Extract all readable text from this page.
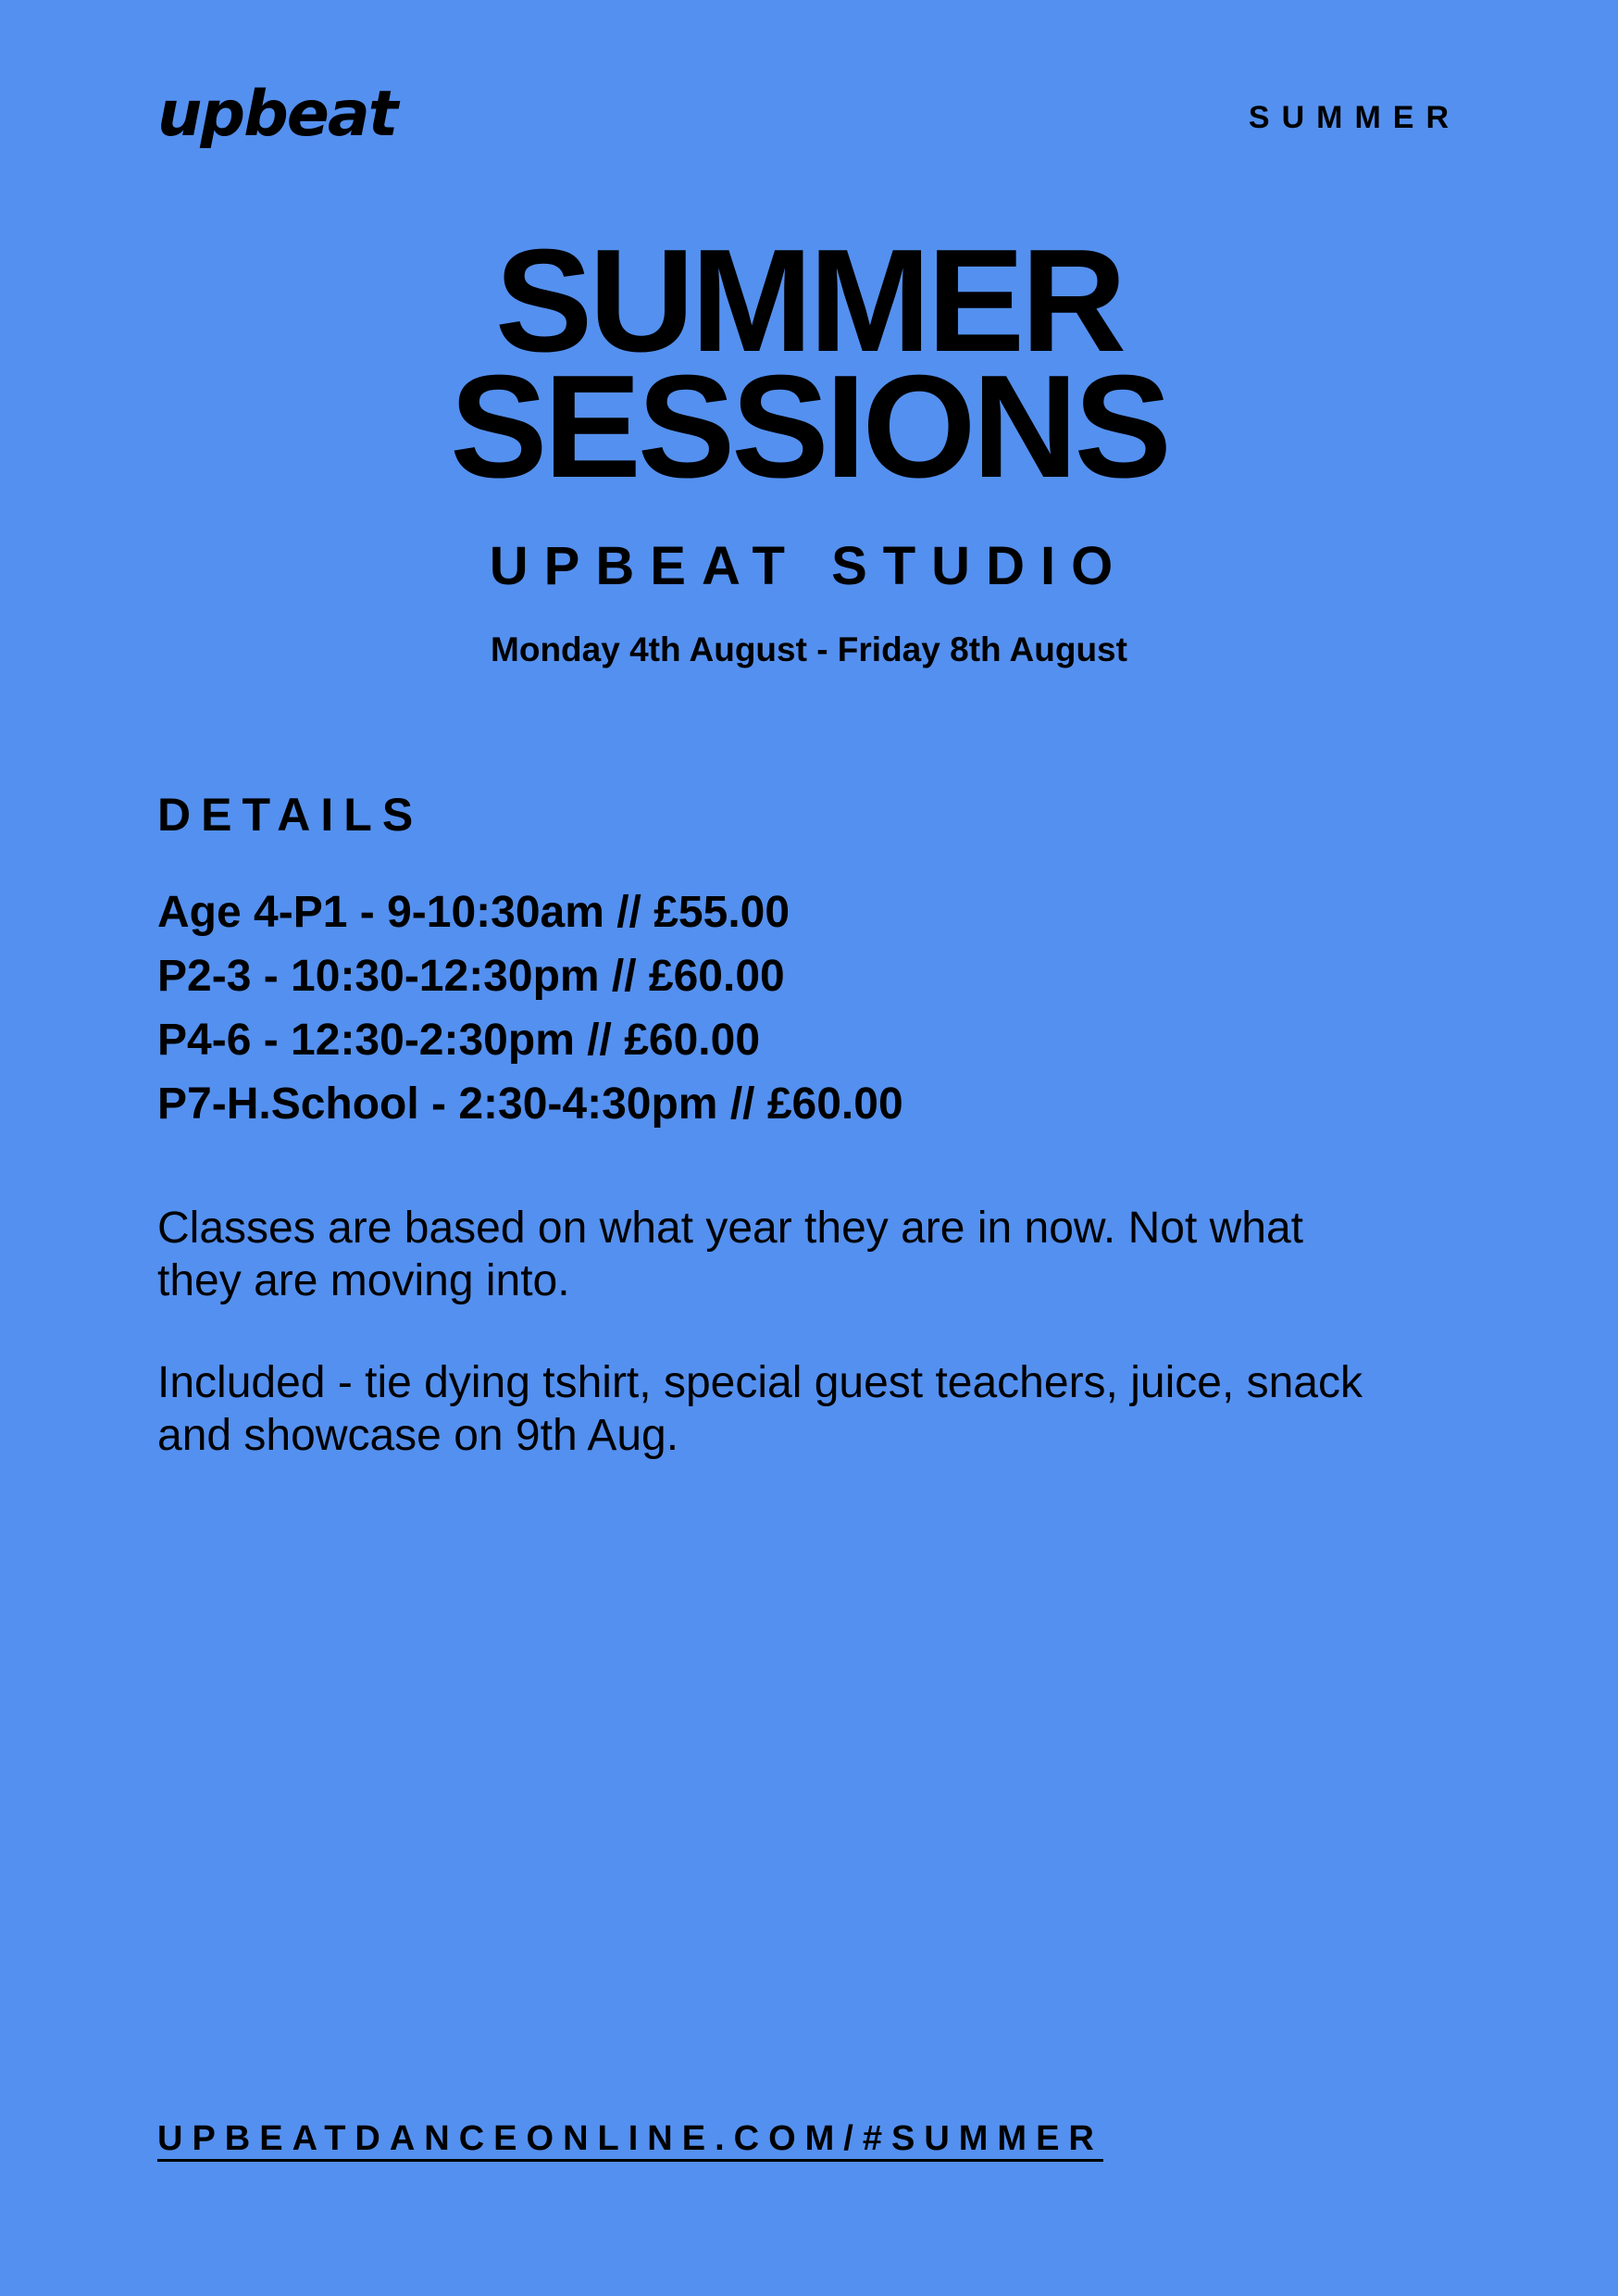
upbeat	SUMMER
SUMMER
SESSIONS
UPBEAT STUDIO
Monday 4th August - Friday 8th August
DETAILS
Age 4-P1 - 9-10:30am // £55.00
P2-3 - 10:30-12:30pm // £60.00
P4-6 - 12:30-2:30pm // £60.00
P7-H.School - 2:30-4:30pm // £60.00

Classes are based on what year they are in now. Not what they are moving into.

Included - tie dying tshirt, special guest teachers, juice, snack and showcase on 9th Aug.

UPBEATDANCEONLINE.COM/#SUMMER
